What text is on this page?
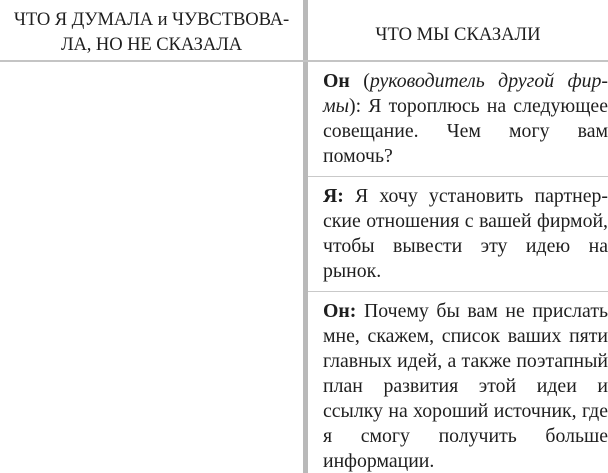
ЧТО Я ДУМАЛА и ЧУВСТВОВА-
ЛА, НО НЕ СКАЗАЛА	ЧТО МЫ СКАЗАЛИ

Он (руководитель другой фирмы): Я тороплюсь на следующее совещание. Чем могу вам помочь?

Я: Я хочу установить партнерские отношения с вашей фирмой, чтобы вывести эту идею на рынок.

Он: Почему бы вам не прислать мне, скажем, список ваших пяти главных идей, а также поэтапный план развития этой идеи и ссылку на хороший источник, где я смогу получить больше информации.
